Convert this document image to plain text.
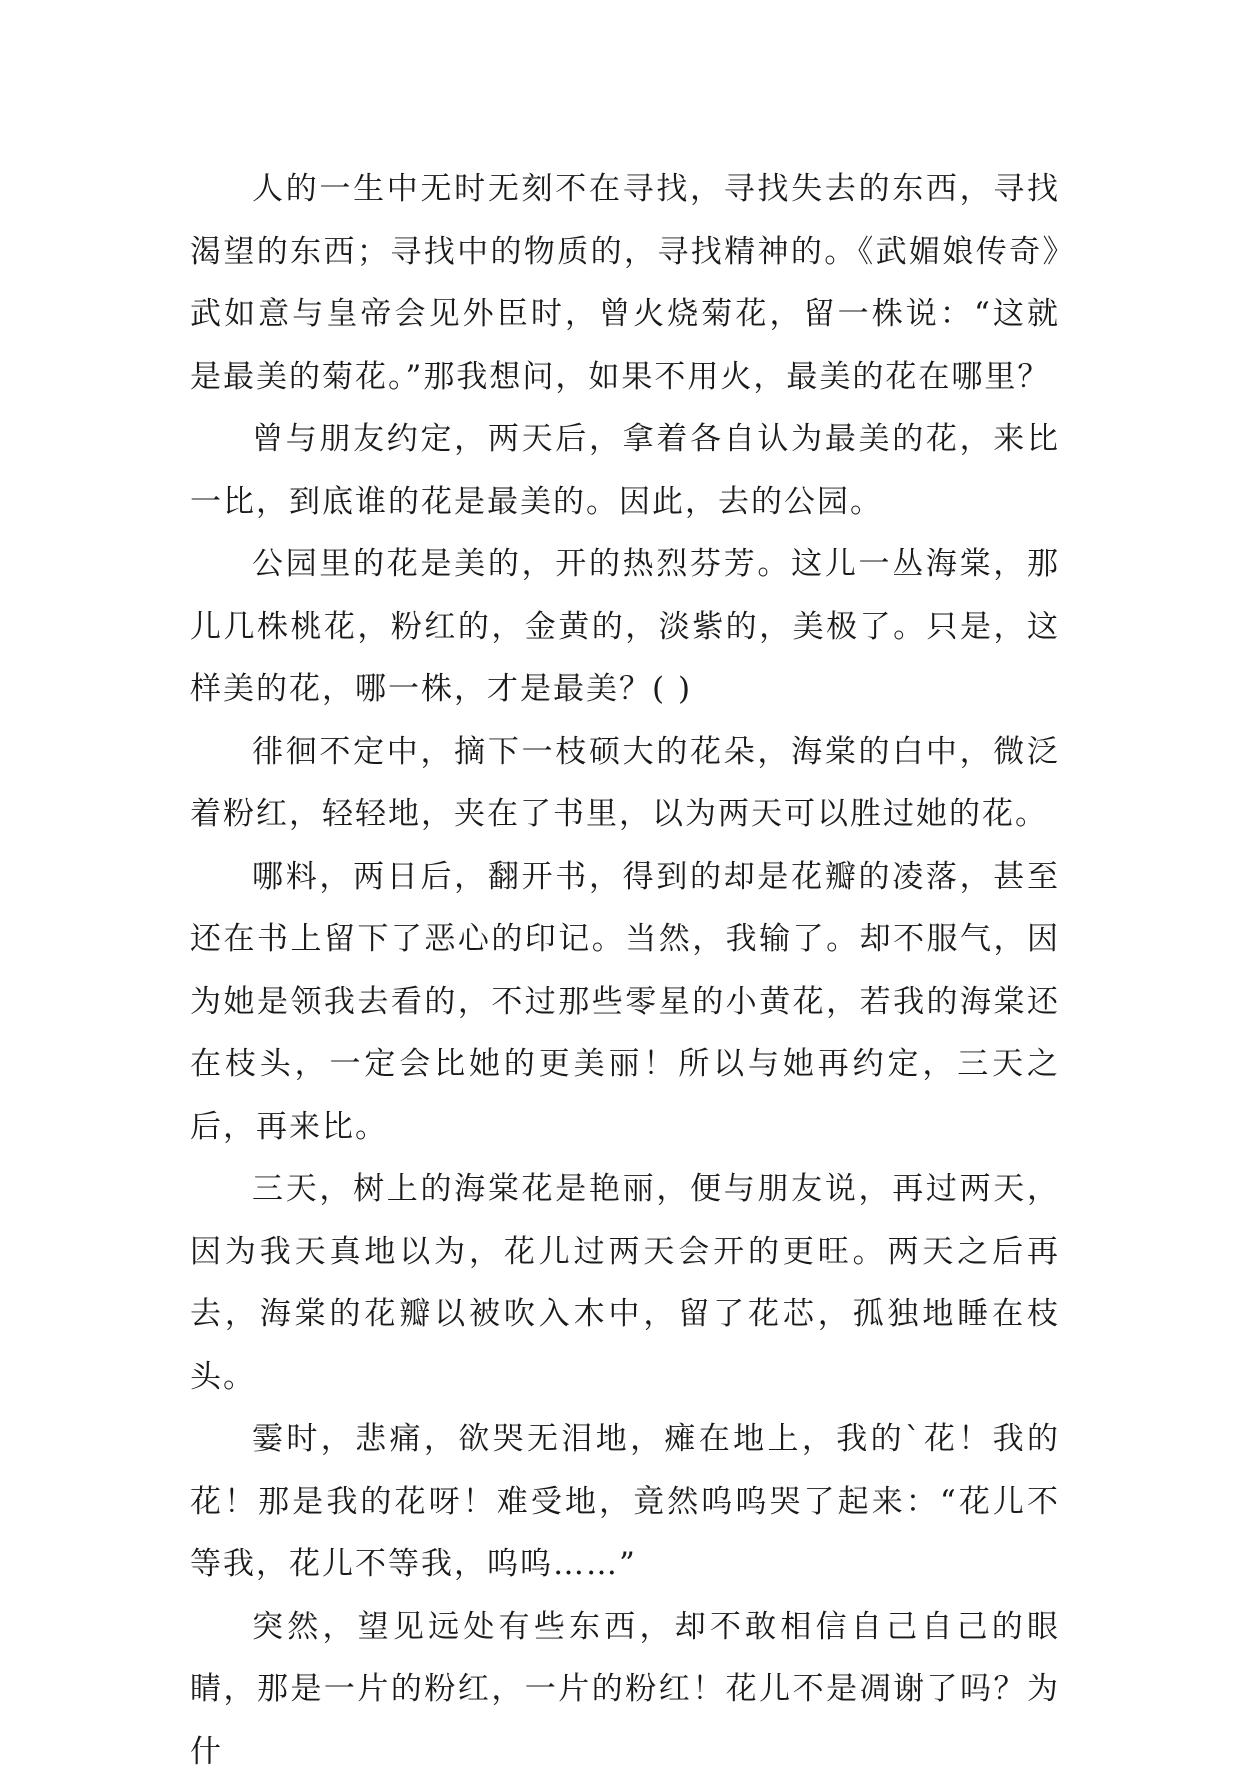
人的一生中无时无刻不在寻找，寻找失去的东西，寻找渴望的东西；寻找中的物质的，寻找精神的。《武媚娘传奇》武如意与皇帝会见外臣时，曾火烧菊花，留一株说：“这就是最美的菊花。”那我想问，如果不用火，最美的花在哪里？

曾与朋友约定，两天后，拿着各自认为最美的花，来比一比，到底谁的花是最美的。因此，去的公园。

公园里的花是美的，开的热烈芬芳。这儿一丛海棠，那儿几株桃花，粉红的，金黄的，淡紫的，美极了。只是，这样美的花，哪一株，才是最美？( )

徘徊不定中，摘下一枝硕大的花朵，海棠的白中，微泛着粉红，轻轻地，夹在了书里，以为两天可以胜过她的花。

哪料，两日后，翻开书，得到的却是花瓣的凌落，甚至还在书上留下了恶心的印记。当然，我输了。却不服气，因为她是领我去看的，不过那些零星的小黄花，若我的海棠还在枝头，一定会比她的更美丽！所以与她再约定，三天之后，再来比。

三天，树上的海棠花是艳丽，便与朋友说，再过两天，因为我天真地以为，花儿过两天会开的更旺。两天之后再去，海棠的花瓣以被吹入木中，留了花芯，孤独地睡在枝头。

霎时，悲痛，欲哭无泪地，瘫在地上，我的`花！我的花！那是我的花呀！难受地，竟然呜呜哭了起来：“花儿不等我，花儿不等我，呜呜……”

突然，望见远处有些东西，却不敢相信自己自己的眼睛，那是一片的粉红，一片的粉红！花儿不是凋谢了吗？为什
